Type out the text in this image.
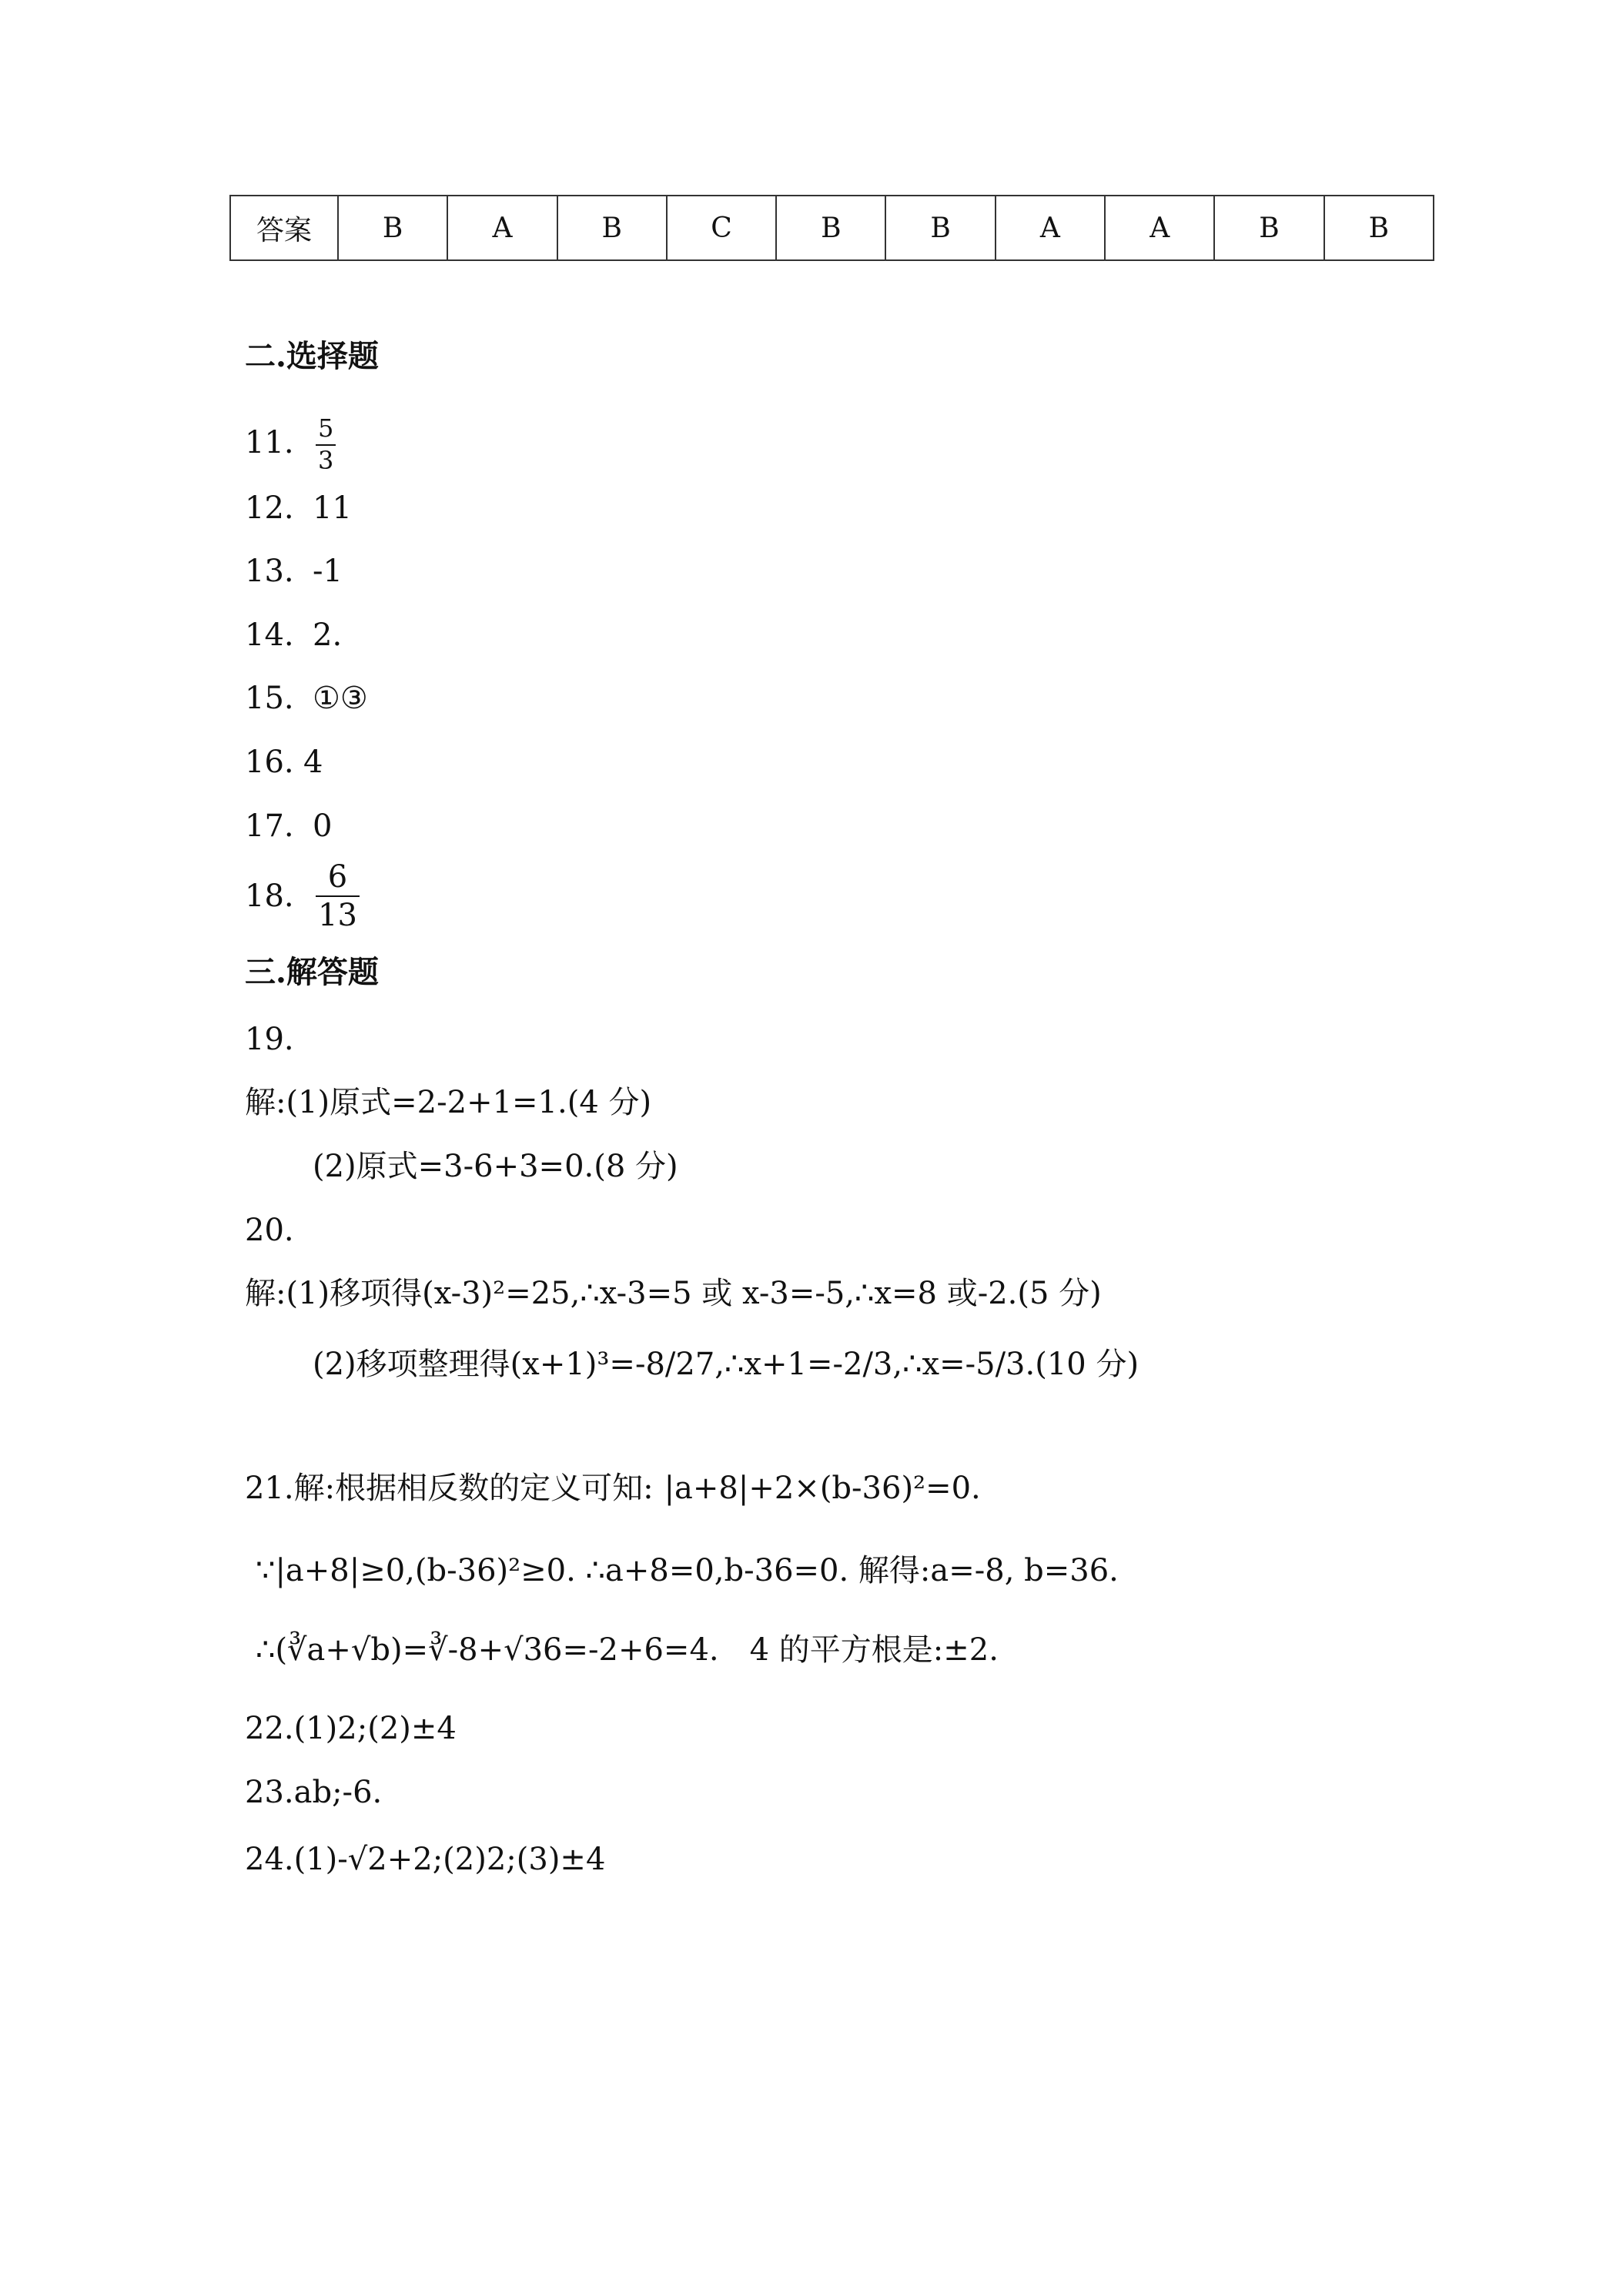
答案	B	A	B	C	B	B	A	A	B	B
二.选择题
11. $\frac{5}{3}$
12. 11
13. -1
14. 2.
15. ①③
16. 4
17. 0
18. $\frac{6}{13}$
三.解答题
19.
解:(1)原式=2-2+1=1.(4 分)
(2)原式=3-6+3=0.(8 分)
20.
解:(1)移项得(x-3)²=25,∴x-3=5 或 x-3=-5,∴x=8 或-2.(5 分)
(2)移项整理得(x+1)³=-8/27,∴x+1=-2/3,∴x=-5/3.(10 分)
21.解:根据相反数的定义可知: |a+8|+2×(b-36)²=0.
∵|a+8|≥0,(b-36)²≥0. ∴a+8=0,b-36=0. 解得:a=-8, b=36.
∴(∛a+√b)=∛-8+√36=-2+6=4. 4 的平方根是:±2.
22.(1)2;(2)±4
23.ab;-6.
24.(1)-√2+2;(2)2;(3)±4
